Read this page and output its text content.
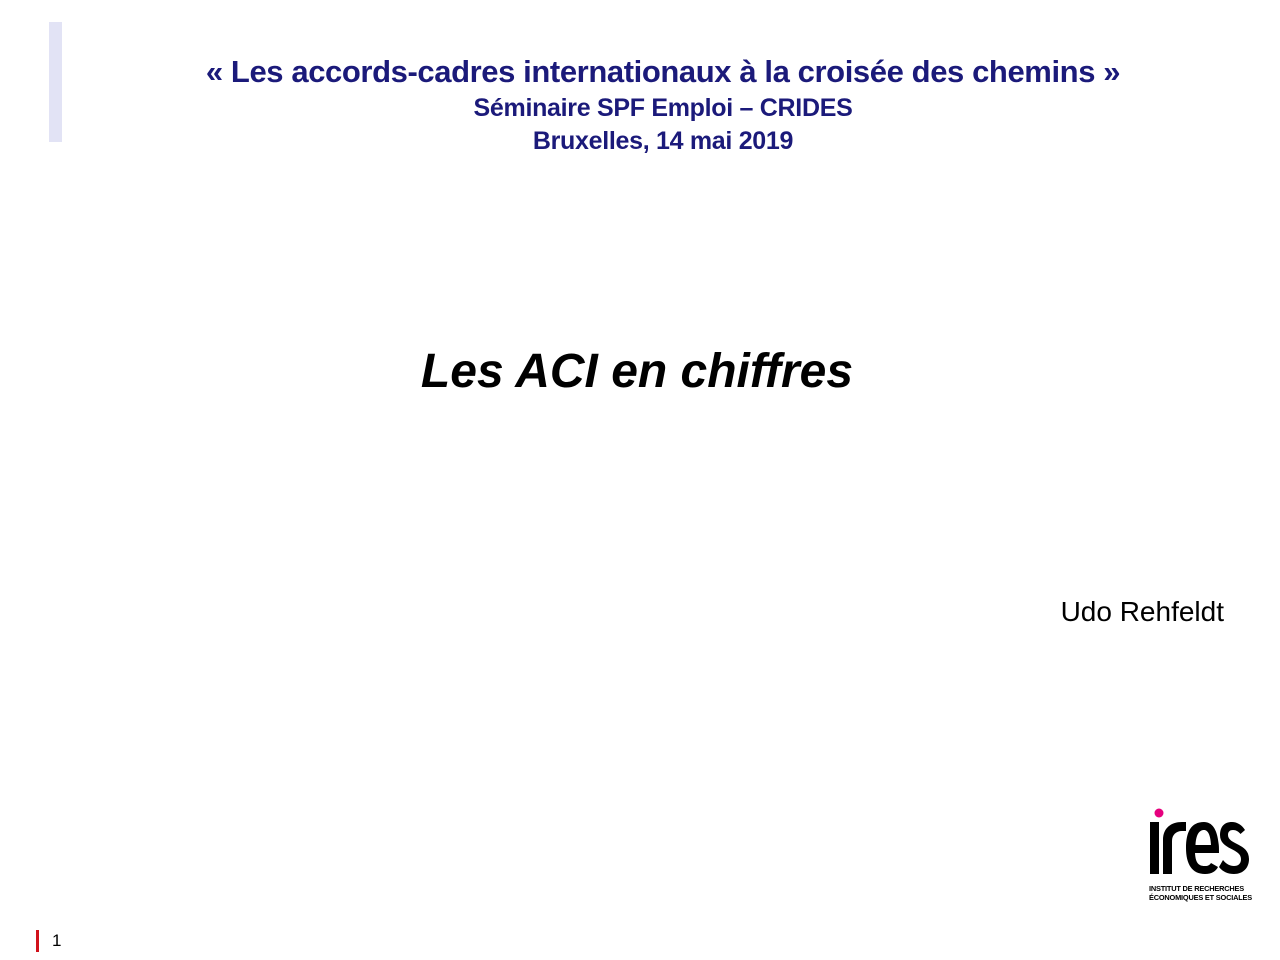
« Les accords-cadres internationaux à la croisée des chemins »
Séminaire SPF Emploi – CRIDES
Bruxelles, 14 mai 2019
Les ACI en chiffres
Udo Rehfeldt
INSTITUT DE RECHERCHES
ÉCONOMIQUES ET SOCIALES
1
